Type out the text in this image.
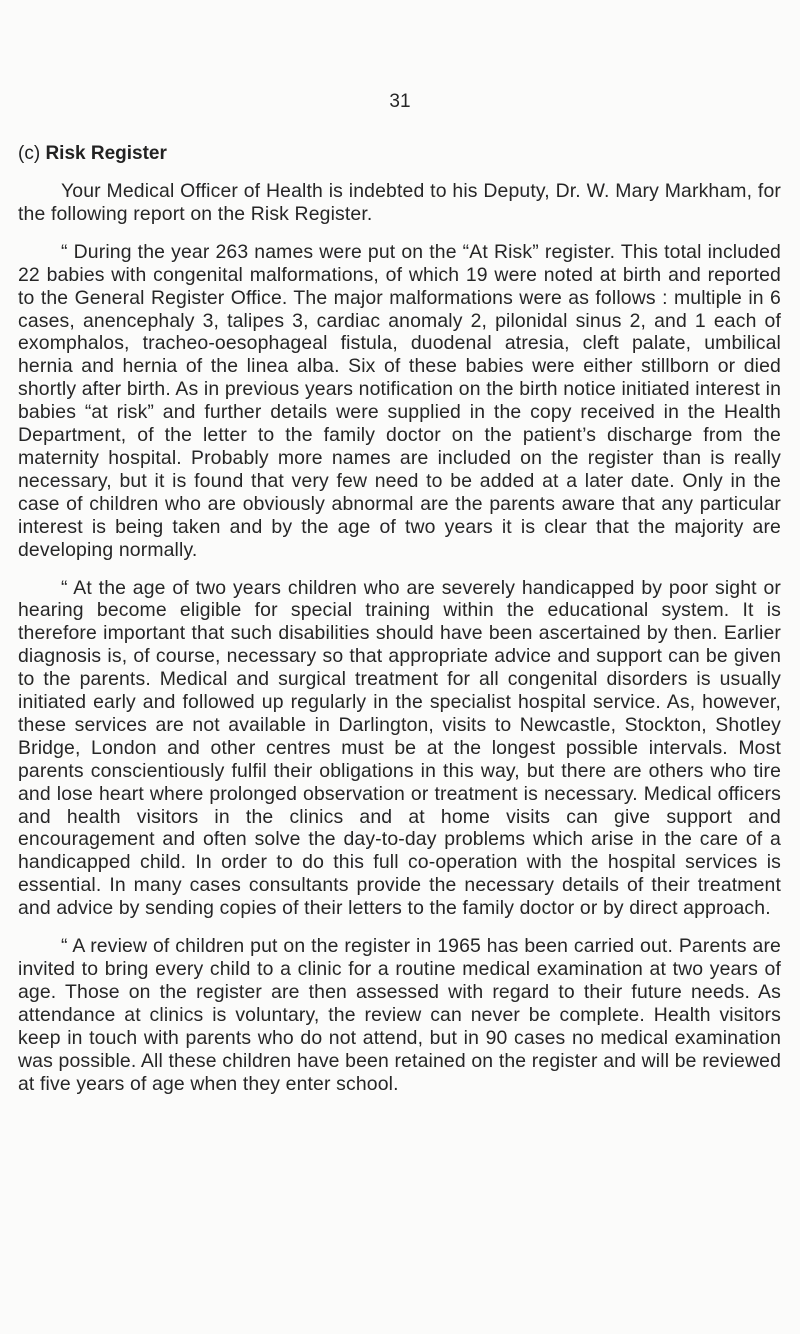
31
(c) Risk Register

Your Medical Officer of Health is indebted to his Deputy, Dr. W. Mary Markham, for the following report on the Risk Register.

“ During the year 263 names were put on the “At Risk” register. This total included 22 babies with congenital malformations, of which 19 were noted at birth and reported to the General Register Office. The major malformations were as follows : multiple in 6 cases, anencephaly 3, talipes 3, cardiac anomaly 2, pilonidal sinus 2, and 1 each of exomphalos, tracheo-oesophageal fistula, duodenal atresia, cleft palate, umbilical hernia and hernia of the linea alba. Six of these babies were either stillborn or died shortly after birth. As in previous years notification on the birth notice initiated interest in babies “at risk” and further details were supplied in the copy received in the Health Department, of the letter to the family doctor on the patient’s discharge from the maternity hospital. Probably more names are included on the register than is really necessary, but it is found that very few need to be added at a later date. Only in the case of children who are obviously abnormal are the parents aware that any particular interest is being taken and by the age of two years it is clear that the majority are developing normally.

“ At the age of two years children who are severely handicapped by poor sight or hearing become eligible for special training within the educational system. It is therefore important that such disabilities should have been ascertained by then. Earlier diagnosis is, of course, necessary so that appropriate advice and support can be given to the parents. Medical and surgical treatment for all congenital disorders is usually initiated early and followed up regularly in the specialist hospital service. As, however, these services are not available in Darlington, visits to Newcastle, Stockton, Shotley Bridge, London and other centres must be at the longest possible intervals. Most parents conscientiously fulfil their obligations in this way, but there are others who tire and lose heart where prolonged observation or treatment is necessary. Medical officers and health visitors in the clinics and at home visits can give support and encouragement and often solve the day-to-day problems which arise in the care of a handicapped child. In order to do this full co-operation with the hospital services is essential. In many cases consultants provide the necessary details of their treatment and advice by sending copies of their letters to the family doctor or by direct approach.

“ A review of children put on the register in 1965 has been carried out. Parents are invited to bring every child to a clinic for a routine medical examination at two years of age. Those on the register are then assessed with regard to their future needs. As attendance at clinics is voluntary, the review can never be complete. Health visitors keep in touch with parents who do not attend, but in 90 cases no medical examination was possible. All these children have been retained on the register and will be reviewed at five years of age when they enter school.
